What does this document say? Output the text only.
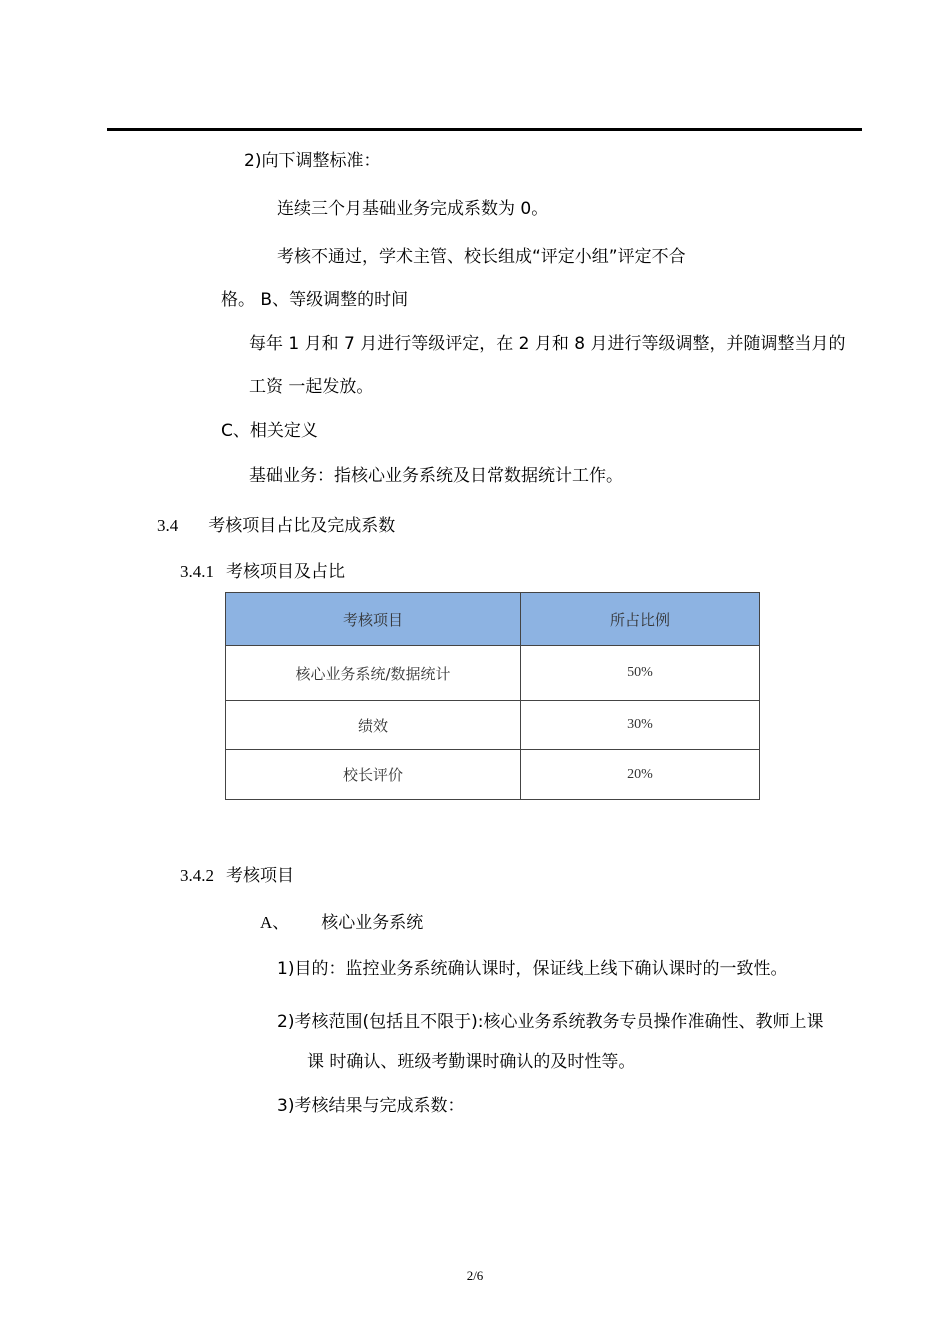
2)向下调整标准：
连续三个月基础业务完成系数为 0。
考核不通过，学术主管、校长组成“评定小组”评定不合
格。 B、等级调整的时间
每年 1 月和 7 月进行等级评定，在 2 月和 8 月进行等级调整，并随调整当月的
工资 一起发放。
C、相关定义
基础业务：指核心业务系统及日常数据统计工作。
3.4 考核项目占比及完成系数
3.4.1 考核项目及占比
考核项目	所占比例
核心业务系统/数据统计	50%
绩效	30%
校长评价	20%
3.4.2 考核项目
A、 核心业务系统
1)目的：监控业务系统确认课时，保证线上线下确认课时的一致性。
2)考核范围(包括且不限于):核心业务系统教务专员操作准确性、教师上课
课 时确认、班级考勤课时确认的及时性等。
3)考核结果与完成系数：
2/6
